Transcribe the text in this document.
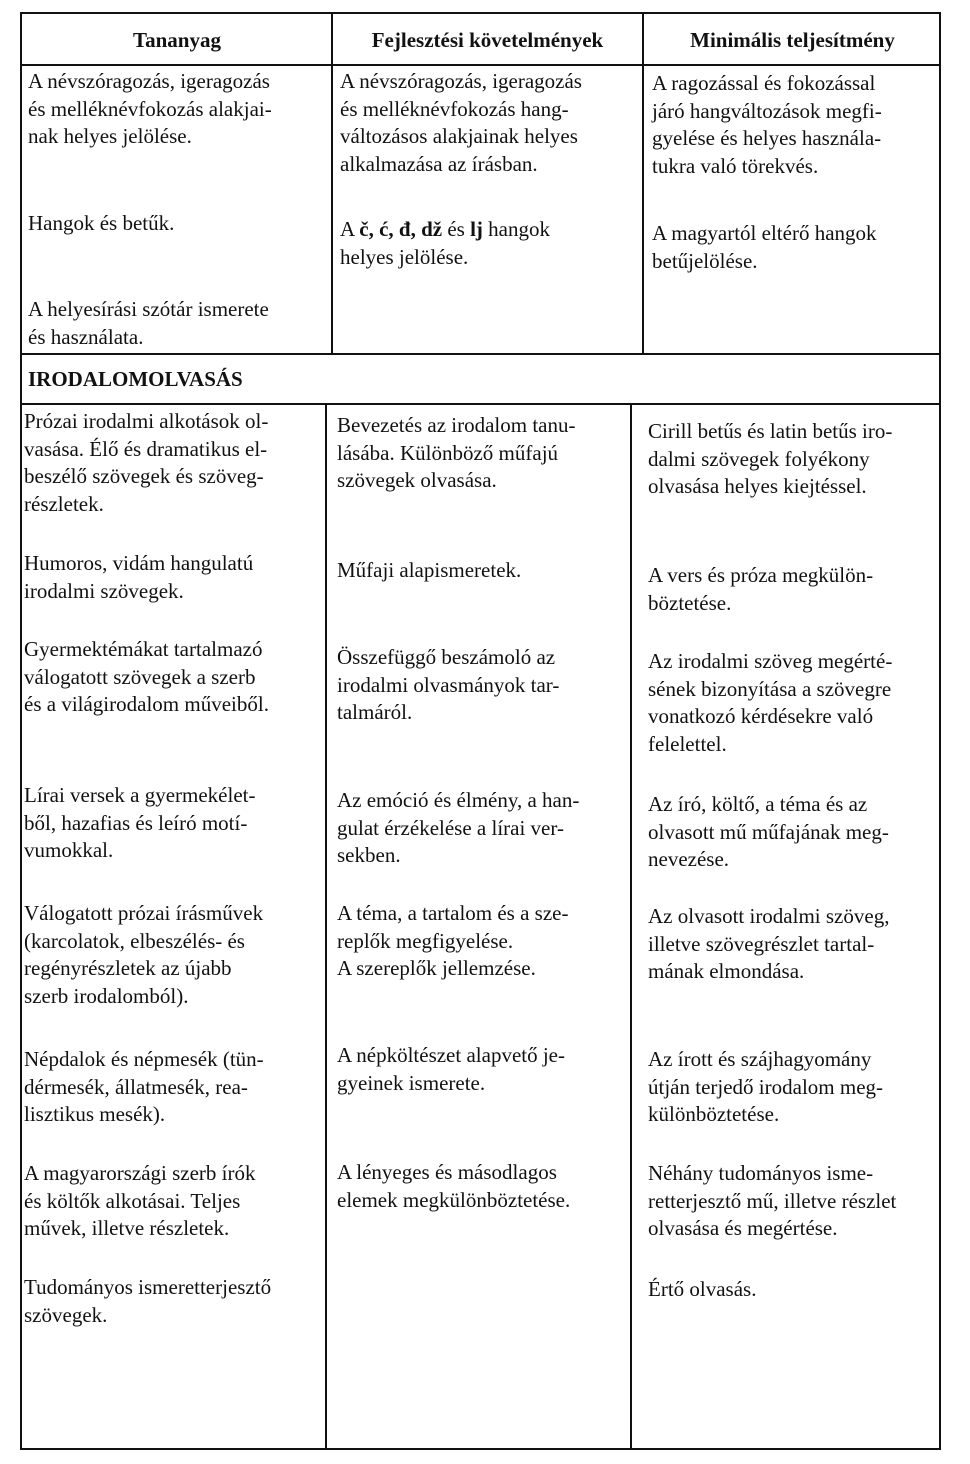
Tananyag	Fejlesztési követelmények	Minimális teljesítmény

A névszóragozás, igeragozás
és melléknévfokozás alakjai-
nak helyes jelölése.

Hangok és betűk.

A helyesírási szótár ismerete
és használata.

A névszóragozás, igeragozás
és melléknévfokozás hang-
változásos alakjainak helyes
alkalmazása az írásban.

A č, ć, đ, dž és lj hangok
helyes jelölése.

A ragozással és fokozással
járó hangváltozások megfi-
gyelése és helyes használa-
tukra való törekvés.

A magyartól eltérő hangok
betűjelölése.

IRODALOMOLVASÁS

Prózai irodalmi alkotások ol-
vasása. Élő és dramatikus el-
beszélő szövegek és szöveg-
részletek.

Humoros, vidám hangulatú
irodalmi szövegek.

Gyermektémákat tartalmazó
válogatott szövegek a szerb
és a világirodalom műveiből.

Lírai versek a gyermekélet-
ből, hazafias és leíró motí-
vumokkal.

Válogatott prózai írásművek
(karcolatok, elbeszélés- és
regényrészletek az újabb
szerb irodalomból).

Népdalok és népmesék (tün-
dérmesék, állatmesék, rea-
lisztikus mesék).

A magyarországi szerb írók
és költők alkotásai. Teljes
művek, illetve részletek.

Tudományos ismeretterjesztő
szövegek.

Bevezetés az irodalom tanu-
lásába. Különböző műfajú
szövegek olvasása.

Műfaji alapismeretek.

Összefüggő beszámoló az
irodalmi olvasmányok tar-
talmáról.

Az emóció és élmény, a han-
gulat érzékelése a lírai ver-
sekben.

A téma, a tartalom és a sze-
replők megfigyelése.
A szereplők jellemzése.

A népköltészet alapvető je-
gyeinek ismerete.

A lényeges és másodlagos
elemek megkülönböztetése.

Cirill betűs és latin betűs iro-
dalmi szövegek folyékony
olvasása helyes kiejtéssel.

A vers és próza megkülön-
böztetése.

Az irodalmi szöveg megérté-
sének bizonyítása a szövegre
vonatkozó kérdésekre való
felelettel.

Az író, költő, a téma és az
olvasott mű műfajának meg-
nevezése.

Az olvasott irodalmi szöveg,
illetve szövegrészlet tartal-
mának elmondása.

Az írott és szájhagyomány
útján terjedő irodalom meg-
különböztetése.

Néhány tudományos isme-
retterjesztő mű, illetve részlet
olvasása és megértése.

Értő olvasás.
